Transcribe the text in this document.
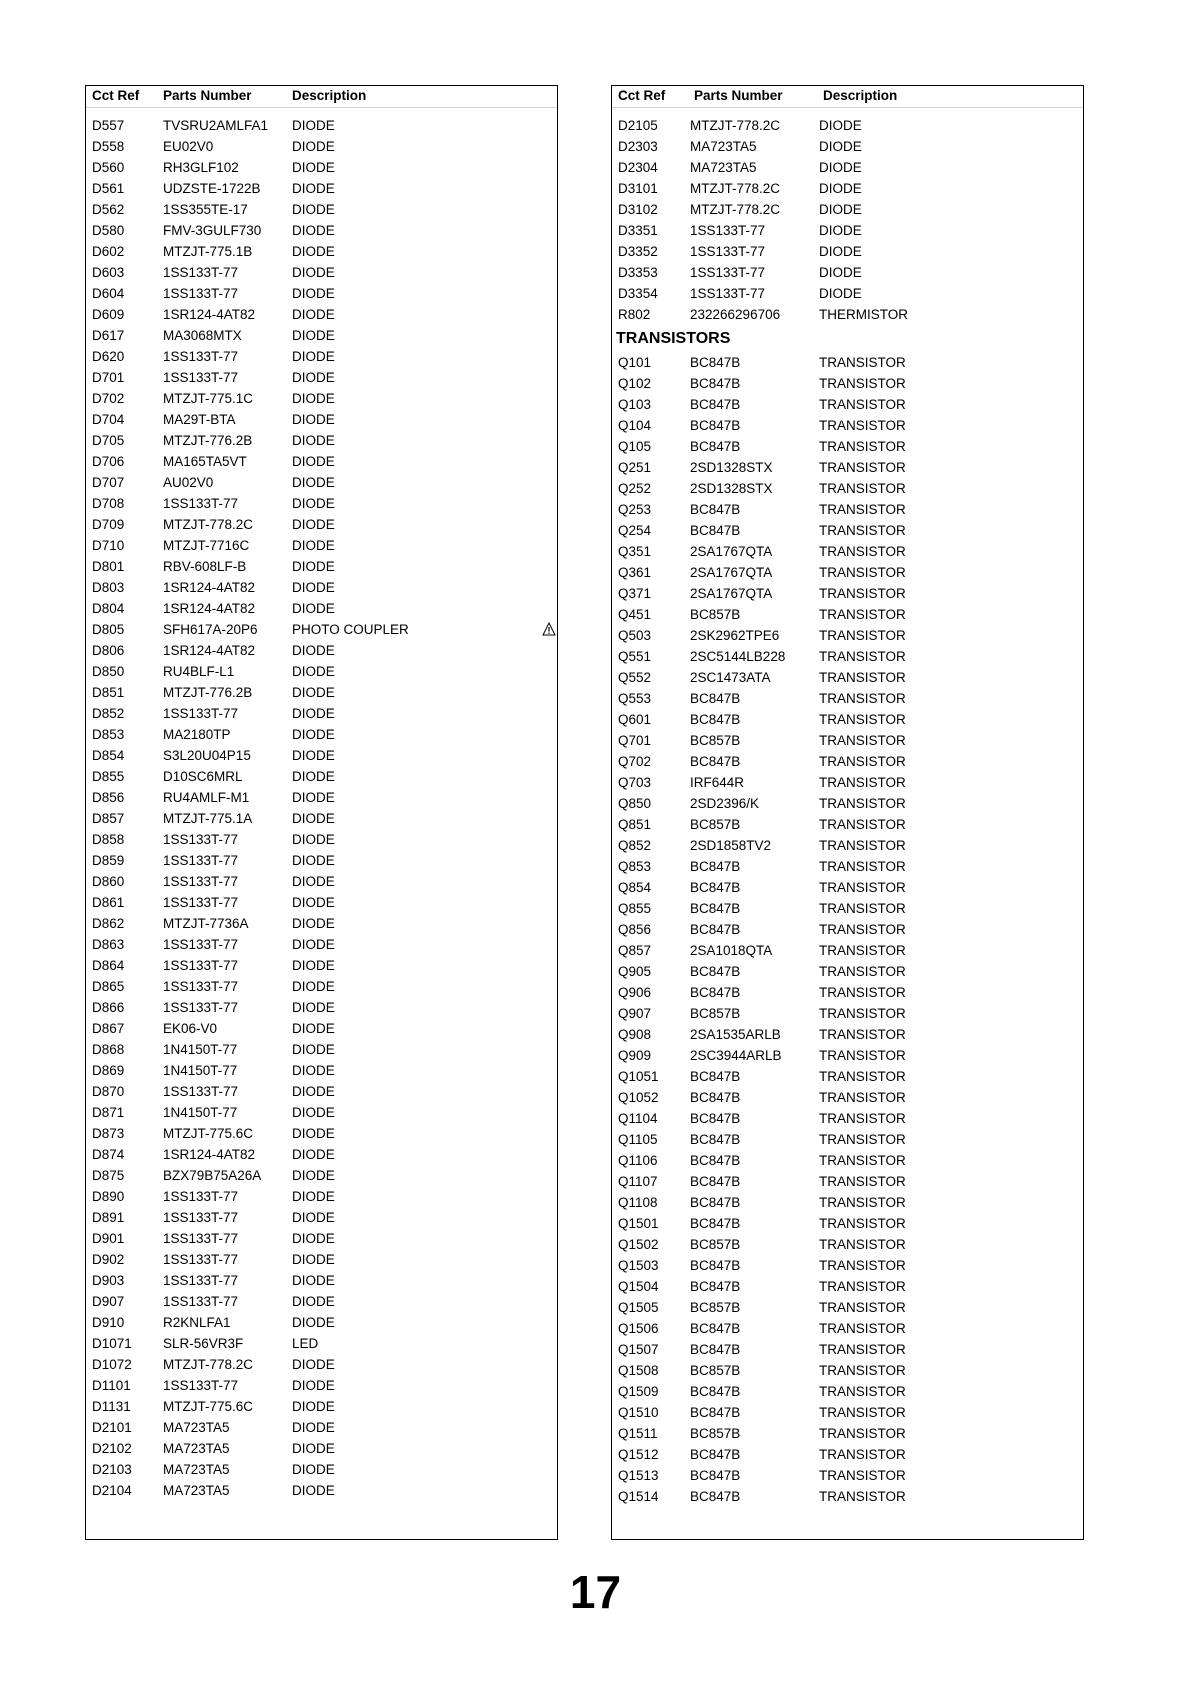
Cct Ref Parts Number	Description
D557	TVSRU2AMLFA1 DIODE
D558	EU02V0	DIODE
D560	RH3GLF102	DIODE
D561	UDZSTE-1722B DIODE
D562	1SS355TE-17	DIODE
D580	FMV-3GULF730 DIODE
D602	MTZJT-775.1B	DIODE
D603	1SS133T-77	DIODE
D604	1SS133T-77	DIODE
D609	1SR124-4AT82	DIODE
D617	MA3068MTX	DIODE
D620	1SS133T-77	DIODE
D701	1SS133T-77	DIODE
D702	MTZJT-775.1C	DIODE
D704	MA29T-BTA	DIODE
D705	MTZJT-776.2B	DIODE
D706	MA165TA5VT	DIODE
D707	AU02V0	DIODE
D708	1SS133T-77	DIODE
D709	MTZJT-778.2C	DIODE
D710	MTZJT-7716C	DIODE
D801	RBV-608LF-B	DIODE
D803	1SR124-4AT82	DIODE
D804	1SR124-4AT82	DIODE
D805	SFH617A-20P6	PHOTO COUPLER
D806	1SR124-4AT82	DIODE
D850	RU4BLF-L1	DIODE
D851	MTZJT-776.2B	DIODE
D852	1SS133T-77	DIODE
D853	MA2180TP	DIODE
D854	S3L20U04P15	DIODE
D855	D10SC6MRL	DIODE
D856	RU4AMLF-M1	DIODE
D857	MTZJT-775.1A	DIODE
D858	1SS133T-77	DIODE
D859	1SS133T-77	DIODE
D860	1SS133T-77	DIODE
D861	1SS133T-77	DIODE
D862	MTZJT-7736A	DIODE
D863	1SS133T-77	DIODE
D864	1SS133T-77	DIODE
D865	1SS133T-77	DIODE
D866	1SS133T-77	DIODE
D867	EK06-V0	DIODE
D868	1N4150T-77	DIODE
D869	1N4150T-77	DIODE
D870	1SS133T-77	DIODE
D871	1N4150T-77	DIODE
D873	MTZJT-775.6C	DIODE
D874	1SR124-4AT82	DIODE
D875	BZX79B75A26A DIODE
D890	1SS133T-77	DIODE
D891	1SS133T-77	DIODE
D901	1SS133T-77	DIODE
D902	1SS133T-77	DIODE
D903	1SS133T-77	DIODE
D907	1SS133T-77	DIODE
D910	R2KNLFA1	DIODE
D1071 SLR-56VR3F	LED
D1072 MTZJT-778.2C	DIODE
D1101 1SS133T-77	DIODE
D1131 MTZJT-775.6C	DIODE
D2101 MA723TA5	DIODE
D2102 MA723TA5	DIODE
D2103 MA723TA5	DIODE
D2104 MA723TA5	DIODE
Cct Ref Parts Number	Description
D2105 MTZJT-778.2C	DIODE
D2303 MA723TA5	DIODE
D2304 MA723TA5	DIODE
D3101 MTZJT-778.2C	DIODE
D3102 MTZJT-778.2C	DIODE
D3351 1SS133T-77	DIODE
D3352 1SS133T-77	DIODE
D3353 1SS133T-77	DIODE
D3354 1SS133T-77	DIODE
R802	232266296706	THERMISTOR
TRANSISTORS
Q101	BC847B	TRANSISTOR
Q102	BC847B	TRANSISTOR
Q103	BC847B	TRANSISTOR
Q104	BC847B	TRANSISTOR
Q105	BC847B	TRANSISTOR
Q251	2SD1328STX	TRANSISTOR
Q252	2SD1328STX	TRANSISTOR
Q253	BC847B	TRANSISTOR
Q254	BC847B	TRANSISTOR
Q351	2SA1767QTA	TRANSISTOR
Q361	2SA1767QTA	TRANSISTOR
Q371	2SA1767QTA	TRANSISTOR
Q451	BC857B	TRANSISTOR
Q503	2SK2962TPE6	TRANSISTOR
Q551	2SC5144LB228 TRANSISTOR
Q552	2SC1473ATA	TRANSISTOR
Q553	BC847B	TRANSISTOR
Q601	BC847B	TRANSISTOR
Q701	BC857B	TRANSISTOR
Q702	BC847B	TRANSISTOR
Q703	IRF644R	TRANSISTOR
Q850	2SD2396/K	TRANSISTOR
Q851	BC857B	TRANSISTOR
Q852	2SD1858TV2	TRANSISTOR
Q853	BC847B	TRANSISTOR
Q854	BC847B	TRANSISTOR
Q855	BC847B	TRANSISTOR
Q856	BC847B	TRANSISTOR
Q857	2SA1018QTA	TRANSISTOR
Q905	BC847B	TRANSISTOR
Q906	BC847B	TRANSISTOR
Q907	BC857B	TRANSISTOR
Q908	2SA1535ARLB	TRANSISTOR
Q909	2SC3944ARLB	TRANSISTOR
Q1051 BC847B	TRANSISTOR
Q1052 BC847B	TRANSISTOR
Q1104 BC847B	TRANSISTOR
Q1105 BC847B	TRANSISTOR
Q1106 BC847B	TRANSISTOR
Q1107 BC847B	TRANSISTOR
Q1108 BC847B	TRANSISTOR
Q1501 BC847B	TRANSISTOR
Q1502 BC857B	TRANSISTOR
Q1503 BC847B	TRANSISTOR
Q1504 BC847B	TRANSISTOR
Q1505 BC857B	TRANSISTOR
Q1506 BC847B	TRANSISTOR
Q1507 BC847B	TRANSISTOR
Q1508 BC857B	TRANSISTOR
Q1509 BC847B	TRANSISTOR
Q1510 BC847B	TRANSISTOR
Q1511 BC857B	TRANSISTOR
Q1512 BC847B	TRANSISTOR
Q1513 BC847B	TRANSISTOR
Q1514 BC847B	TRANSISTOR
17
